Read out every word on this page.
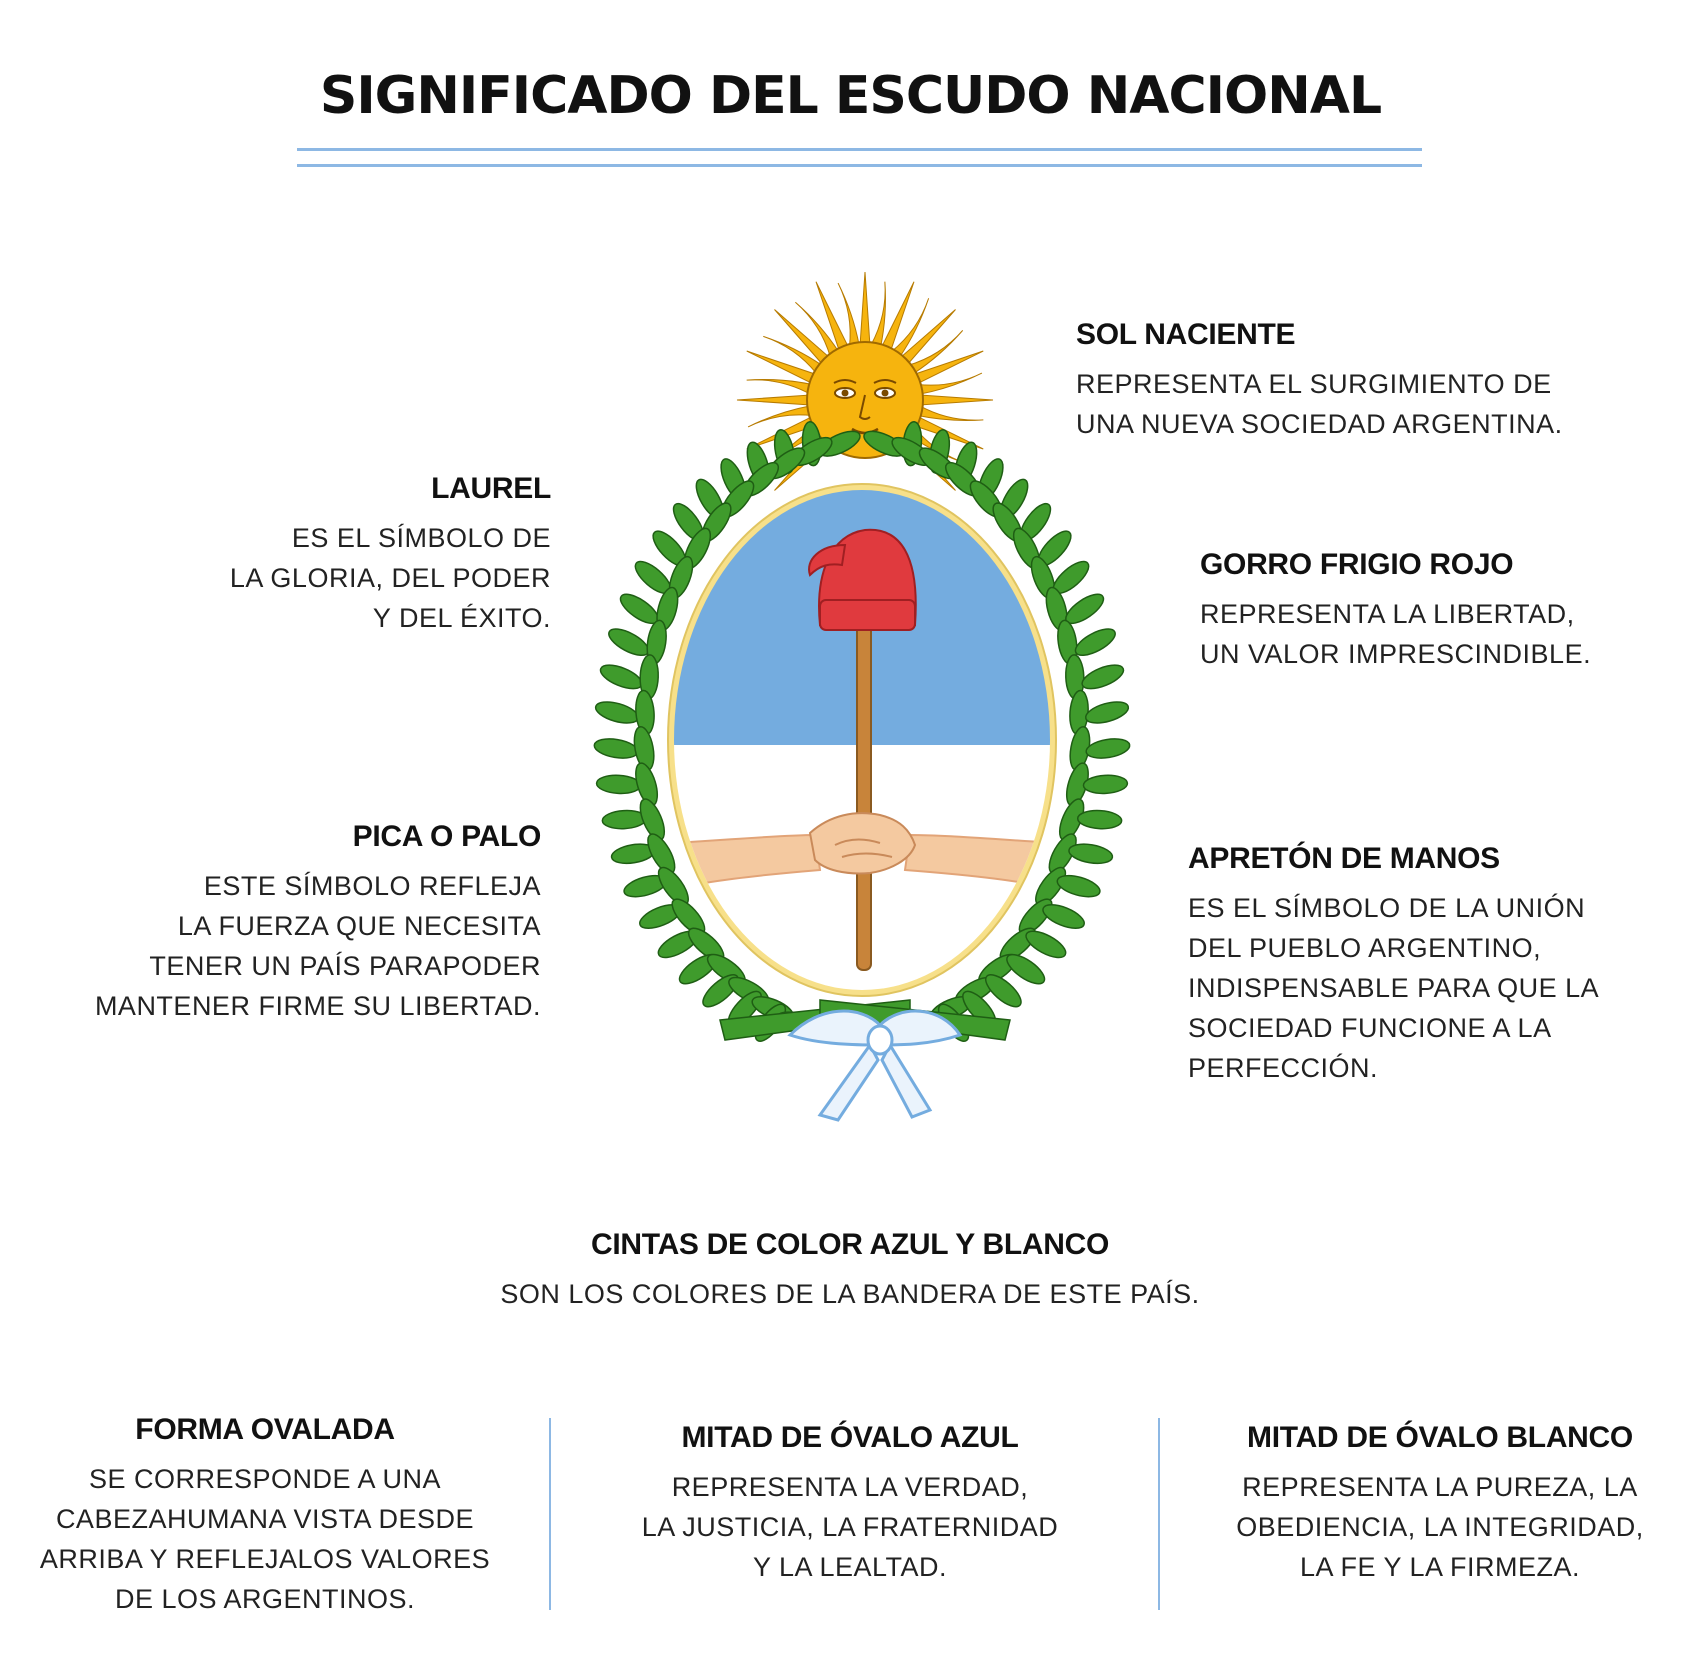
SIGNIFICADO DEL ESCUDO NACIONAL
SOL NACIENTE

REPRESENTA EL SURGIMIENTO DE
UNA NUEVA SOCIEDAD ARGENTINA.

LAUREL

ES EL SÍMBOLO DE
LA GLORIA, DEL PODER
Y DEL ÉXITO.

GORRO FRIGIO ROJO

REPRESENTA LA LIBERTAD,
UN VALOR IMPRESCINDIBLE.

PICA O PALO

ESTE SÍMBOLO REFLEJA
LA FUERZA QUE NECESITA
TENER UN PAÍS PARAPODER
MANTENER FIRME SU LIBERTAD.

APRETÓN DE MANOS

ES EL SÍMBOLO DE LA UNIÓN
DEL PUEBLO ARGENTINO,
INDISPENSABLE PARA QUE LA
SOCIEDAD FUNCIONE A LA
PERFECCIÓN.

CINTAS DE COLOR AZUL Y BLANCO

SON LOS COLORES DE LA BANDERA DE ESTE PAÍS.

FORMA OVALADA

SE CORRESPONDE A UNA
CABEZAHUMANA VISTA DESDE
ARRIBA Y REFLEJALOS VALORES
DE LOS ARGENTINOS.

MITAD DE ÓVALO AZUL

REPRESENTA LA VERDAD,
LA JUSTICIA, LA FRATERNIDAD
Y LA LEALTAD.

MITAD DE ÓVALO BLANCO

REPRESENTA LA PUREZA, LA
OBEDIENCIA, LA INTEGRIDAD,
LA FE Y LA FIRMEZA.
